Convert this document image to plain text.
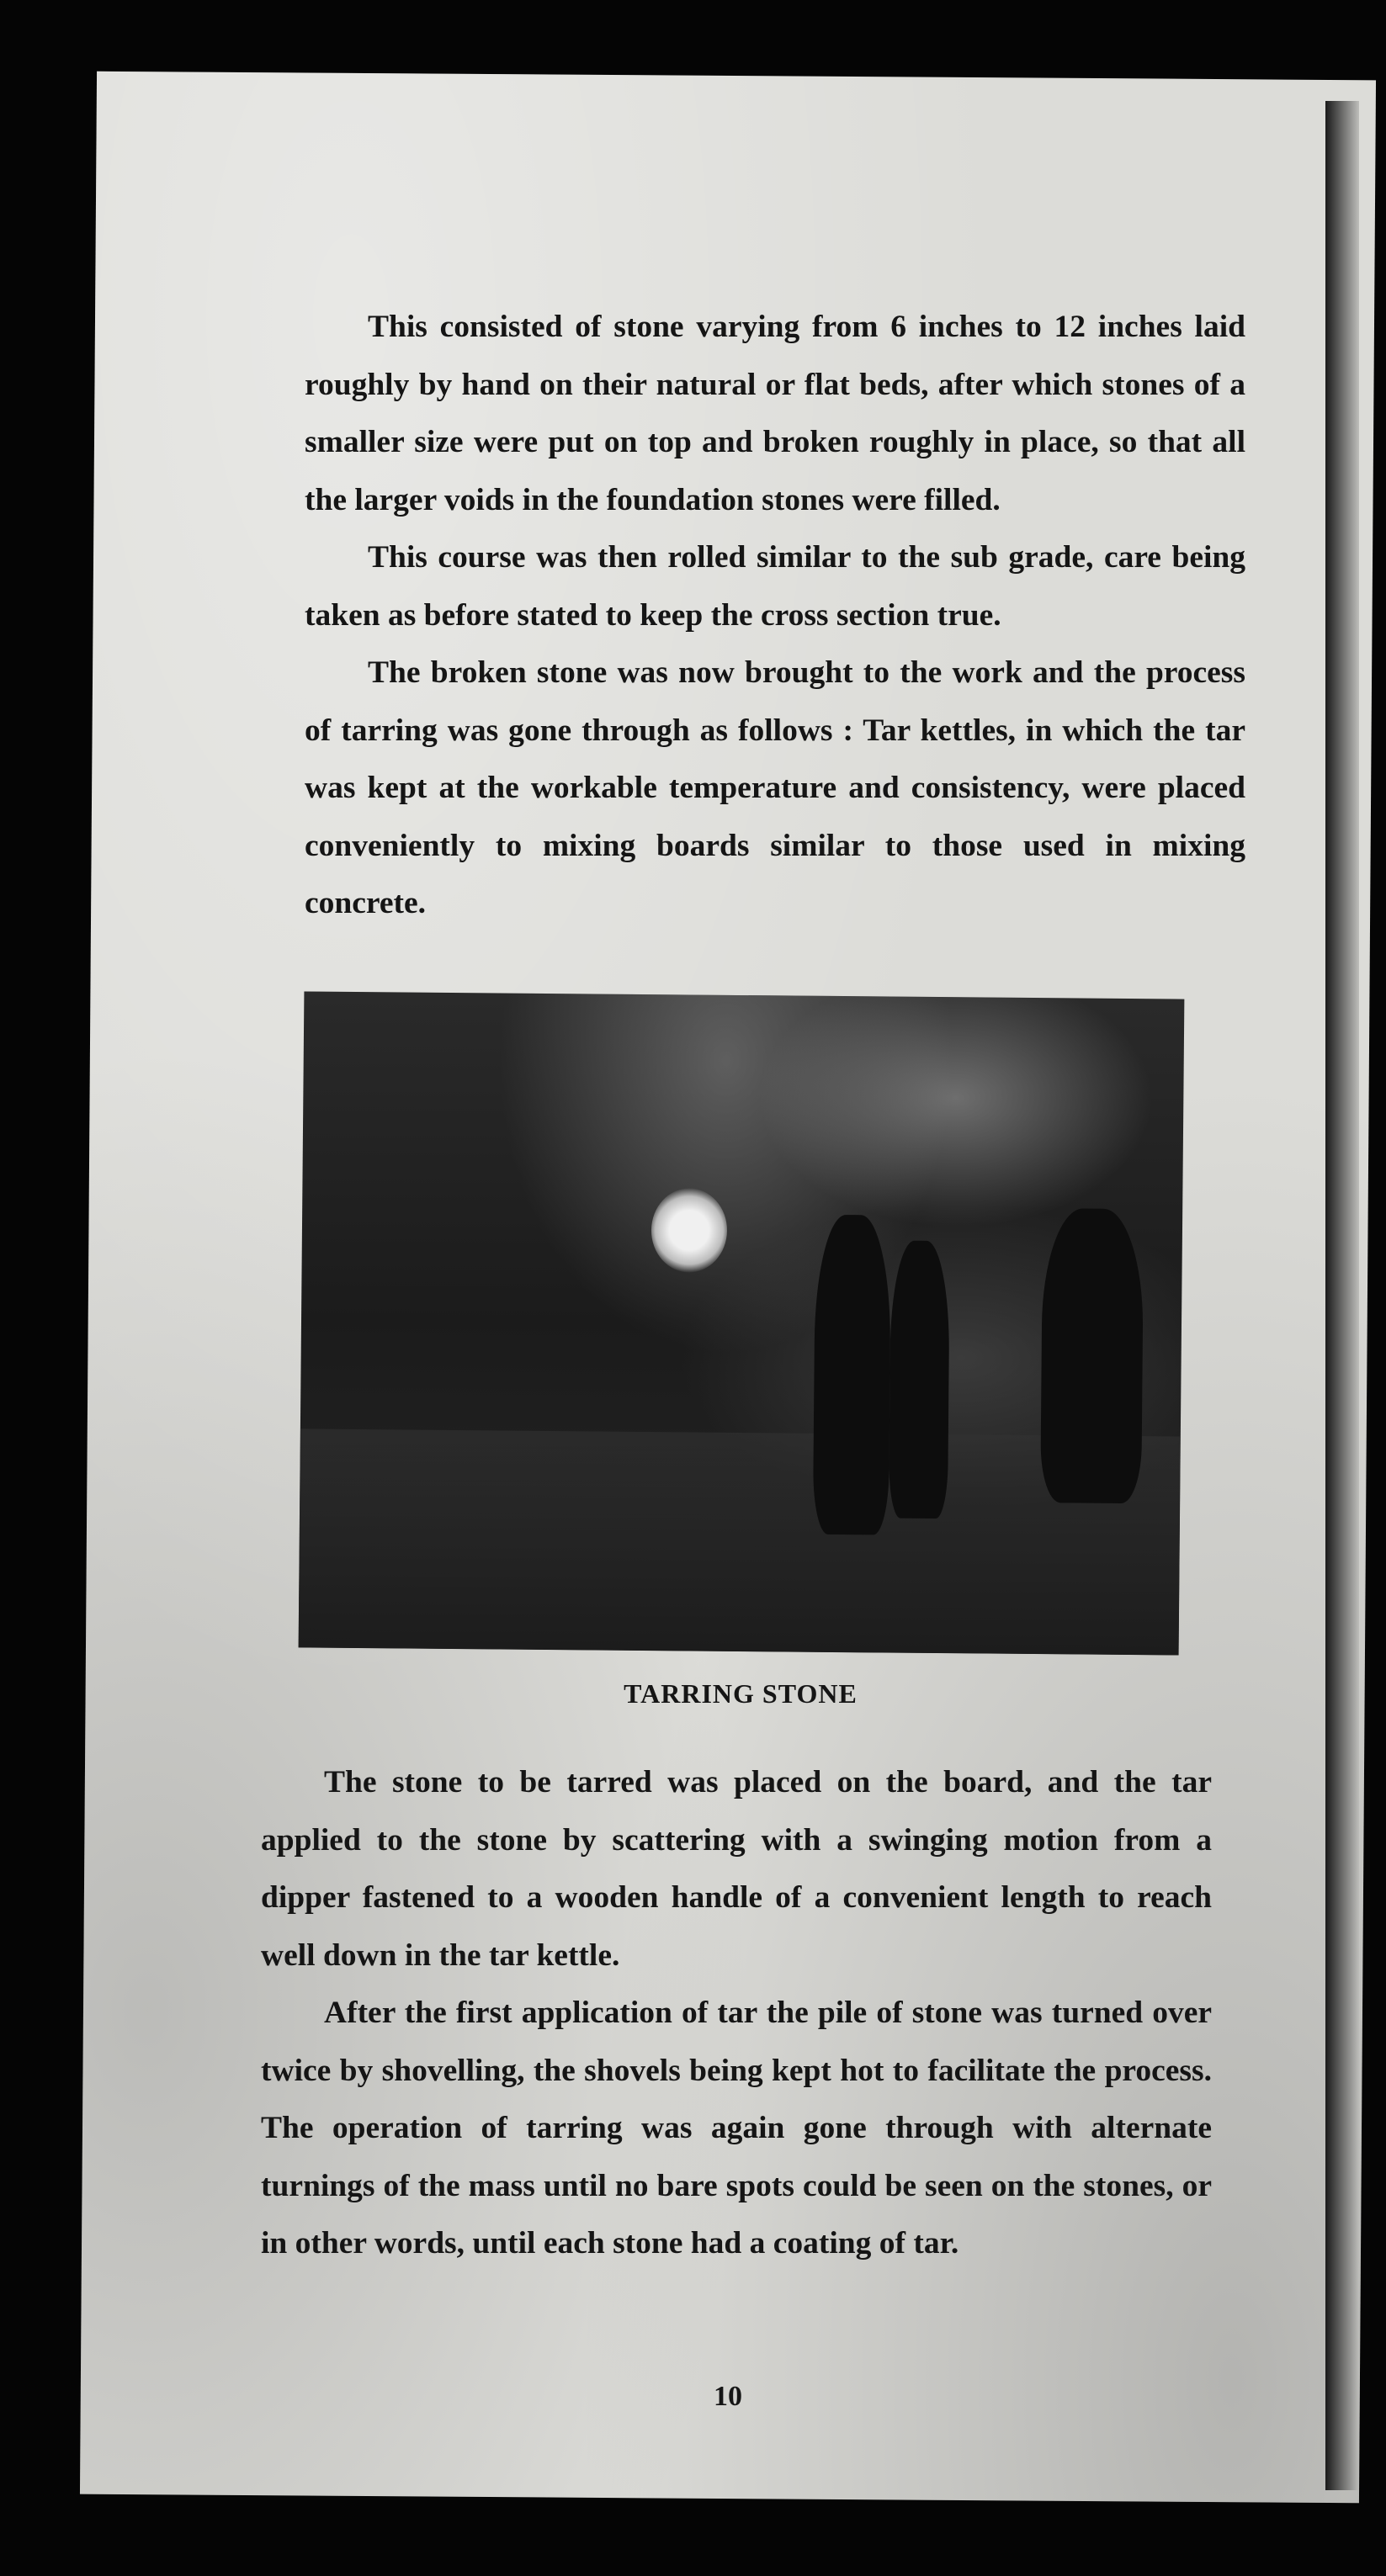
This consisted of stone varying from 6 inches to 12 inches laid roughly by hand on their natural or flat beds, after which stones of a smaller size were put on top and broken roughly in place, so that all the larger voids in the foundation stones were filled.

This course was then rolled similar to the sub grade, care being taken as before stated to keep the cross section true.

The broken stone was now brought to the work and the process of tarring was gone through as follows : Tar kettles, in which the tar was kept at the workable temperature and consistency, were placed conveniently to mixing boards similar to those used in mixing concrete.

TARRING STONE

The stone to be tarred was placed on the board, and the tar applied to the stone by scattering with a swinging motion from a dipper fastened to a wooden handle of a convenient length to reach well down in the tar kettle.

After the first application of tar the pile of stone was turned over twice by shovelling, the shovels being kept hot to facilitate the process. The operation of tarring was again gone through with alternate turnings of the mass until no bare spots could be seen on the stones, or in other words, until each stone had a coating of tar.

10
